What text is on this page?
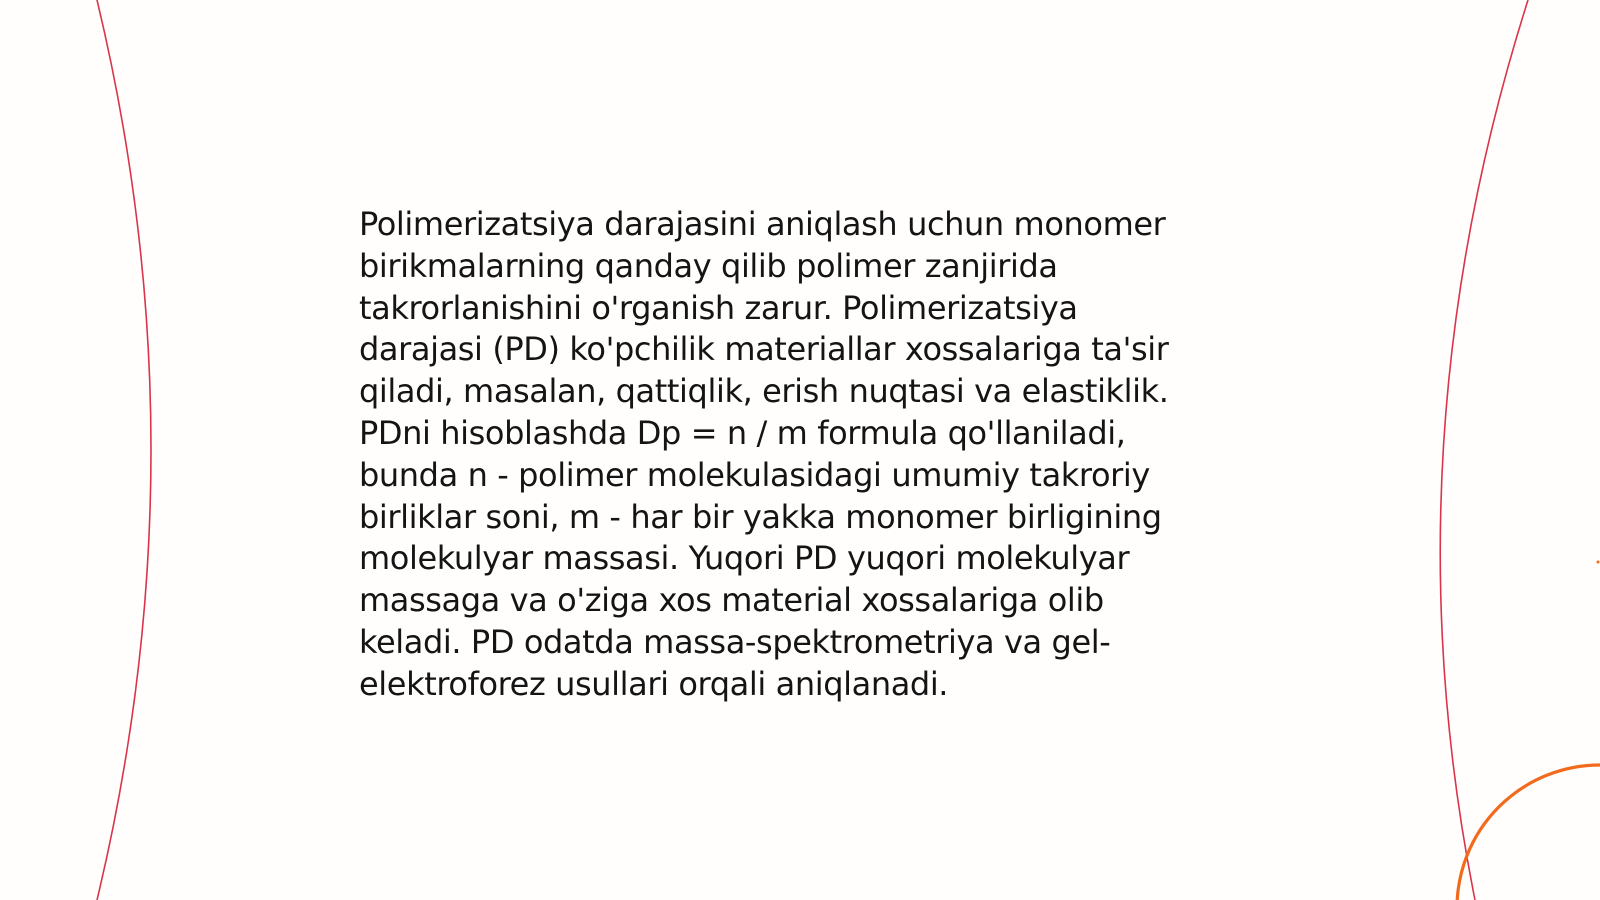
Polimerizatsiya darajasini aniqlash uchun monomer
birikmalarning qanday qilib polimer zanjirida
takrorlanishini o'rganish zarur. Polimerizatsiya
darajasi (PD) ko'pchilik materiallar xossalariga ta'sir
qiladi, masalan, qattiqlik, erish nuqtasi va elastiklik.
PDni hisoblashda Dp = n / m formula qo'llaniladi,
bunda n - polimer molekulasidagi umumiy takroriy
birliklar soni, m - har bir yakka monomer birligining
molekulyar massasi. Yuqori PD yuqori molekulyar
massaga va o'ziga xos material xossalariga olib
keladi. PD odatda massa-spektrometriya va gel-
elektroforez usullari orqali aniqlanadi.
